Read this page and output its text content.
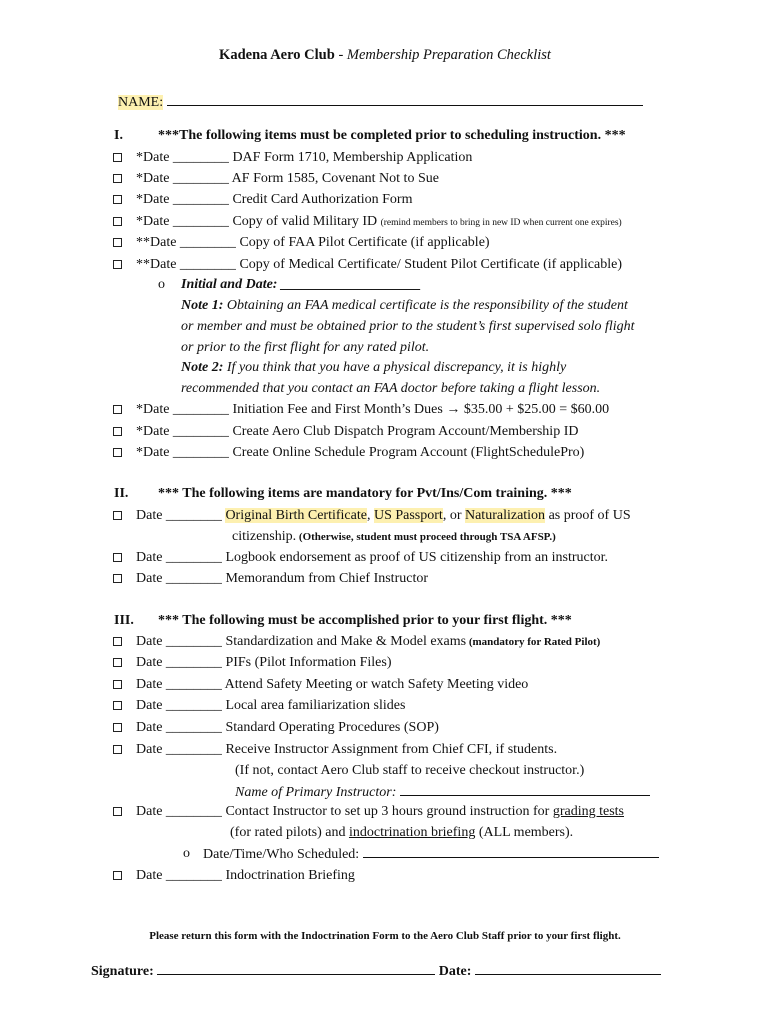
Kadena Aero Club - Membership Preparation Checklist
NAME:
I.	***The following items must be completed prior to scheduling instruction. ***
*Date ________ DAF Form 1710, Membership Application
*Date ________ AF Form 1585, Covenant Not to Sue
*Date ________ Credit Card Authorization Form
*Date ________ Copy of valid Military ID (remind members to bring in new ID when current one expires)
**Date ________ Copy of FAA Pilot Certificate (if applicable)
**Date ________ Copy of Medical Certificate/ Student Pilot Certificate (if applicable)
o Initial and Date: ____________________
Note 1: Obtaining an FAA medical certificate is the responsibility of the student
or member and must be obtained prior to the student’s first supervised solo flight
or prior to the first flight for any rated pilot.
Note 2: If you think that you have a physical discrepancy, it is highly
recommended that you contact an FAA doctor before taking a flight lesson.
*Date ________ Initiation Fee and First Month’s Dues → $35.00 + $25.00 = $60.00
*Date ________ Create Aero Club Dispatch Program Account/Membership ID
*Date ________ Create Online Schedule Program Account (FlightSchedulePro)
II. *** The following items are mandatory for Pvt/Ins/Com training. ***
Date ________ Original Birth Certificate, US Passport, or Naturalization as proof of US
citizenship. (Otherwise, student must proceed through TSA AFSP.)
Date ________ Logbook endorsement as proof of US citizenship from an instructor.
Date ________ Memorandum from Chief Instructor
III. *** The following must be accomplished prior to your first flight. ***
Date ________ Standardization and Make & Model exams (mandatory for Rated Pilot)
Date ________ PIFs (Pilot Information Files)
Date ________ Attend Safety Meeting or watch Safety Meeting video
Date ________ Local area familiarization slides
Date ________ Standard Operating Procedures (SOP)
Date ________ Receive Instructor Assignment from Chief CFI, if students.
(If not, contact Aero Club staff to receive checkout instructor.)
Name of Primary Instructor:
Date ________ Contact Instructor to set up 3 hours ground instruction for grading tests
(for rated pilots) and indoctrination briefing (ALL members).
o Date/Time/Who Scheduled:
Date ________ Indoctrination Briefing
Please return this form with the Indoctrination Form to the Aero Club Staff prior to your first flight.
Signature:	Date:
